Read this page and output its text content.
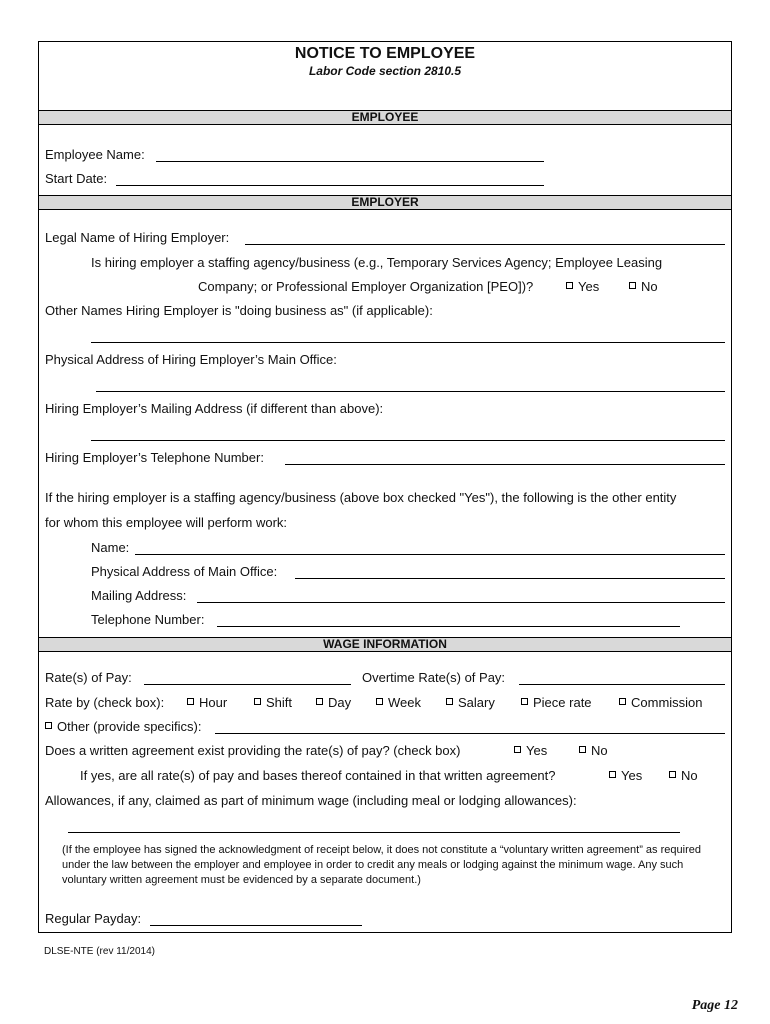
NOTICE TO EMPLOYEE
Labor Code section 2810.5
EMPLOYEE
Employee Name:
Start Date:
EMPLOYER
Legal Name of Hiring Employer:
Is hiring employer a staffing agency/business (e.g., Temporary Services Agency; Employee Leasing
Company; or Professional Employer Organization [PEO])?	Yes	No
Other Names Hiring Employer is "doing business as" (if applicable):
Physical Address of Hiring Employer’s Main Office:
Hiring Employer’s Mailing Address (if different than above):
Hiring Employer’s Telephone Number:
If the hiring employer is a staffing agency/business (above box checked "Yes"), the following is the other entity
for whom this employee will perform work:
Name:
Physical Address of Main Office:
Mailing Address:
Telephone Number:
WAGE INFORMATION
Rate(s) of Pay:	Overtime Rate(s) of Pay:
Rate by (check box):	Hour	Shift	Day	Week	Salary	Piece rate	Commission
Other (provide specifics):
Does a written agreement exist providing the rate(s) of pay? (check box)	Yes	No
If yes, are all rate(s) of pay and bases thereof contained in that written agreement?	Yes	No
Allowances, if any, claimed as part of minimum wage (including meal or lodging allowances):
(If the employee has signed the acknowledgment of receipt below, it does not constitute a “voluntary written agreement” as required under the law between the employer and employee in order to credit any meals or lodging against the minimum wage. Any such voluntary written agreement must be evidenced by a separate document.)
Regular Payday:
DLSE-NTE (rev 11/2014)
Page 12
